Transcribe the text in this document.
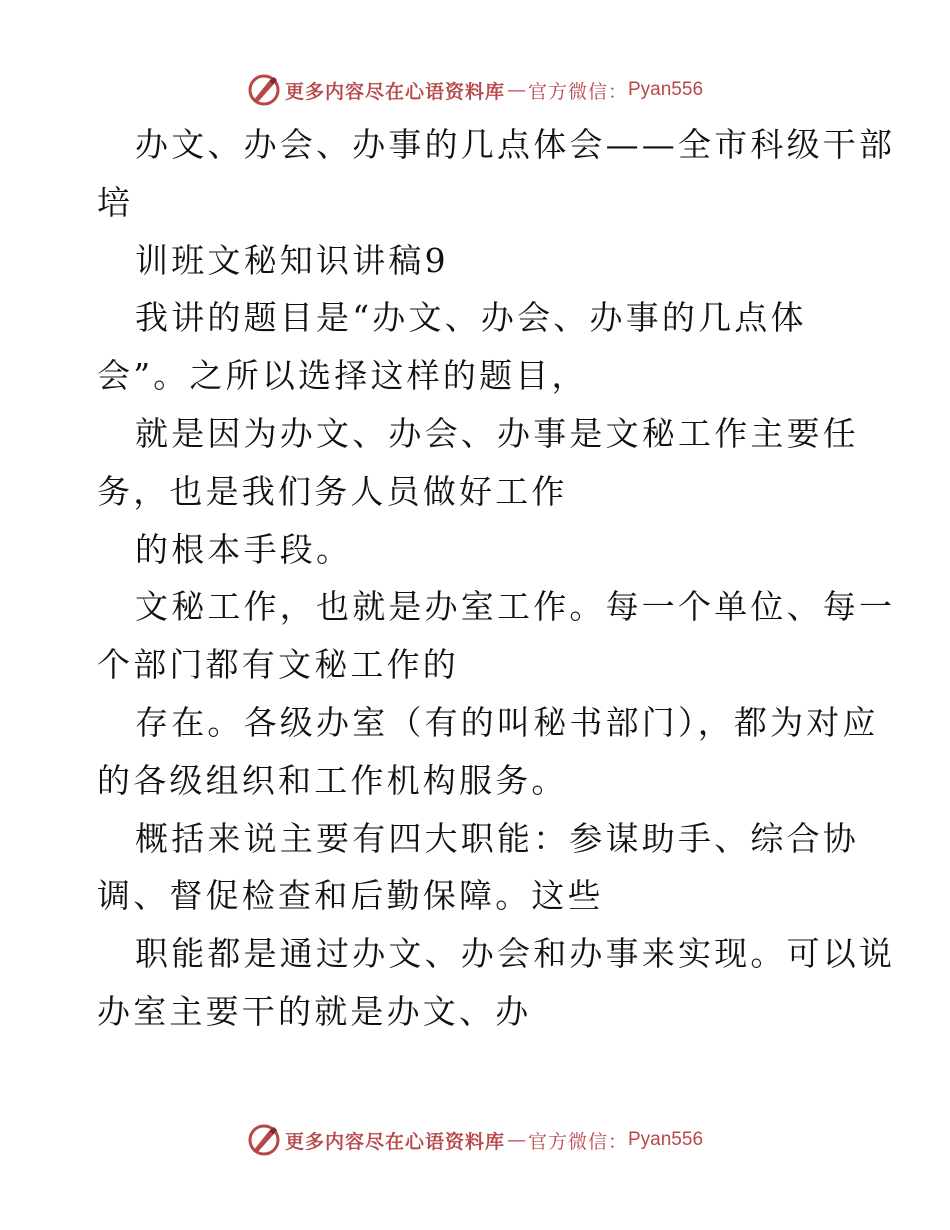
更多内容尽在心语资料库 — 官方微信： Pyan556
办文、办会、办事的几点体会——全市科级干部
培
训班文秘知识讲稿9
我讲的题目是“办文、办会、办事的几点体
会”。之所以选择这样的题目，
就是因为办文、办会、办事是文秘工作主要任
务，也是我们务人员做好工作
的根本手段。
文秘工作，也就是办室工作。每一个单位、每一
个部门都有文秘工作的
存在。各级办室（有的叫秘书部门），都为对应
的各级组织和工作机构服务。
概括来说主要有四大职能：参谋助手、综合协
调、督促检查和后勤保障。这些
职能都是通过办文、办会和办事来实现。可以说
办室主要干的就是办文、办
更多内容尽在心语资料库 — 官方微信： Pyan556
